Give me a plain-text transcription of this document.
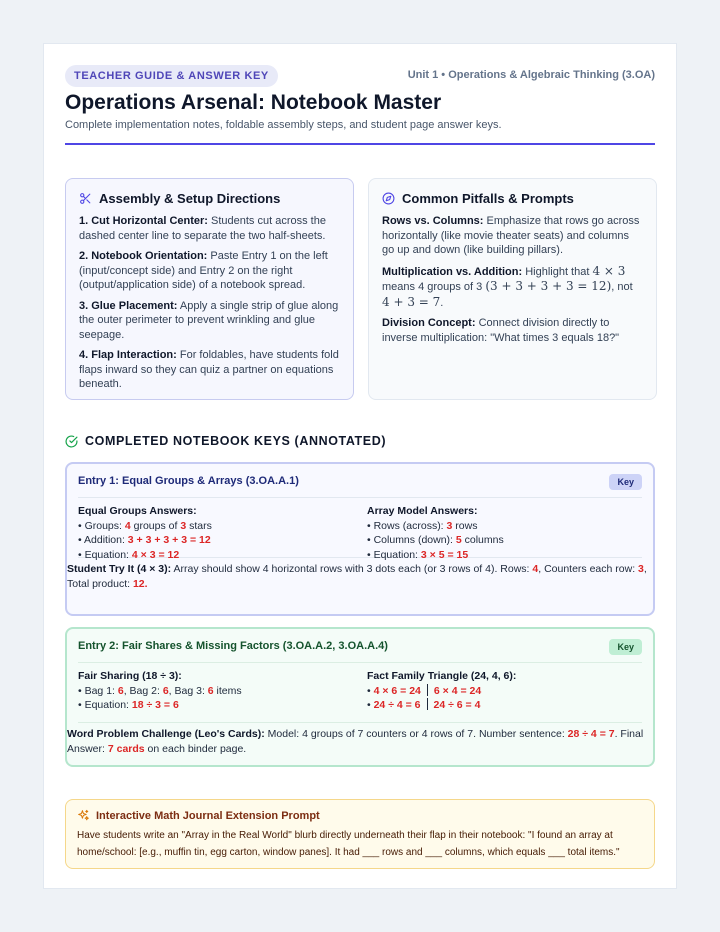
TEACHER GUIDE & ANSWER KEY	Unit 1 • Operations & Algebraic Thinking (3.OA)
Operations Arsenal: Notebook Master
Complete implementation notes, foldable assembly steps, and student page answer keys.
Assembly & Setup Directions

1. Cut Horizontal Center: Students cut across the dashed center line to separate the two half-sheets.

2. Notebook Orientation: Paste Entry 1 on the left (input/concept side) and Entry 2 on the right (output/application side) of a notebook spread.

3. Glue Placement: Apply a single strip of glue along the outer perimeter to prevent wrinkling and glue seepage.

4. Flap Interaction: For foldables, have students fold flaps inward so they can quiz a partner on equations beneath.

Common Pitfalls & Prompts

Rows vs. Columns: Emphasize that rows go across horizontally (like movie theater seats) and columns go up and down (like building pillars).

Multiplication vs. Addition: Highlight that 4 × 3 means 4 groups of 3 (3 + 3 + 3 + 3 = 12), not 4 + 3 = 7.

Division Concept: Connect division directly to inverse multiplication: "What times 3 equals 18?"

COMPLETED NOTEBOOK KEYS (ANNOTATED)
Entry 1: Equal Groups & Arrays (3.OA.A.1)	Key
Equal Groups Answers:
• Groups: 4 groups of 3 stars
• Addition: 3 + 3 + 3 + 3 = 12
• Equation: 4 × 3 = 12
Array Model Answers:
• Rows (across): 3 rows
• Columns (down): 5 columns
• Equation: 3 × 5 = 15
Student Try It (4 × 3): Array should show 4 horizontal rows with 3 dots each (or 3 rows of 4). Rows: 4, Counters each row: 3, Total product: 12.
Entry 2: Fair Shares & Missing Factors (3.OA.A.2, 3.OA.A.4)	Key
Fair Sharing (18 ÷ 3):
• Bag 1: 6, Bag 2: 6, Bag 3: 6 items
• Equation: 18 ÷ 3 = 6
Fact Family Triangle (24, 4, 6):
• 4 × 6 = 24 6 × 4 = 24
• 24 ÷ 4 = 6 24 ÷ 6 = 4
Word Problem Challenge (Leo's Cards): Model: 4 groups of 7 counters or 4 rows of 7. Number sentence: 28 ÷ 4 = 7. Final Answer: 7 cards on each binder page.
Interactive Math Journal Extension Prompt
Have students write an "Array in the Real World" blurb directly underneath their flap in their notebook: "I found an array at home/school: [e.g., muffin tin, egg carton, window panes]. It had ___ rows and ___ columns, which equals ___ total items."
